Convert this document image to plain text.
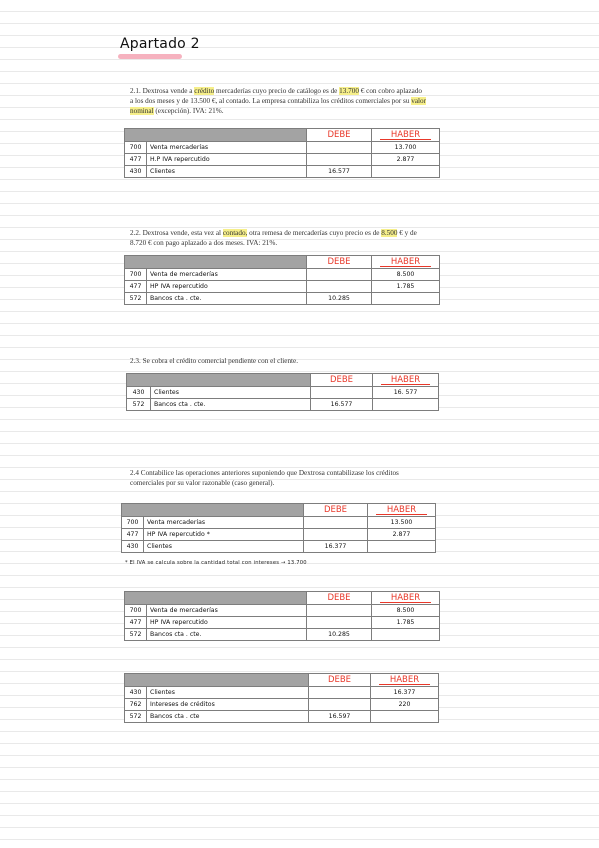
Apartado 2
2.1. Dextrosa vende a crédito mercaderías cuyo precio de catálogo es de 13.700 € con cobro aplazado a los dos meses y de 13.500 €, al contado. La empresa contabiliza los créditos comerciales por su valor nominal (excepción). IVA: 21%.
		DEBE	HABER

700	Venta mercaderías		13.700
477	H.P IVA repercutido		2.877
430	Clientes	16.577	
2.2. Dextrosa vende, esta vez al contado, otra remesa de mercaderías cuyo precio es de 8.500 € y de 8.720 € con pago aplazado a dos meses. IVA: 21%.
		DEBE	HABER

700	Venta de mercaderías		8.500
477	HP IVA repercutido		1.785
572	Bancos cta . cte.	10.285	
2.3. Se cobra el crédito comercial pendiente con el cliente.
		DEBE	HABER

430	Clientes		16. 577
572	Bancos cta . cte.	16.577	
2.4 Contabilice las operaciones anteriores suponiendo que Dextrosa contabilizase los créditos comerciales por su valor razonable (caso general).
		DEBE	HABER

700	Venta mercaderías		13.500
477	HP IVA repercutido *		2.877
430	Clientes	16.377	
* El IVA se calcula sobre la cantidad total con intereses → 13.700
		DEBE	HABER

700	Venta de mercaderías		8.500
477	HP IVA repercutido		1.785
572	Bancos cta . cte.	10.285	
		DEBE	HABER

430	Clientes		16.377
762	Intereses de créditos		220
572	Bancos cta . cte	16.597	
